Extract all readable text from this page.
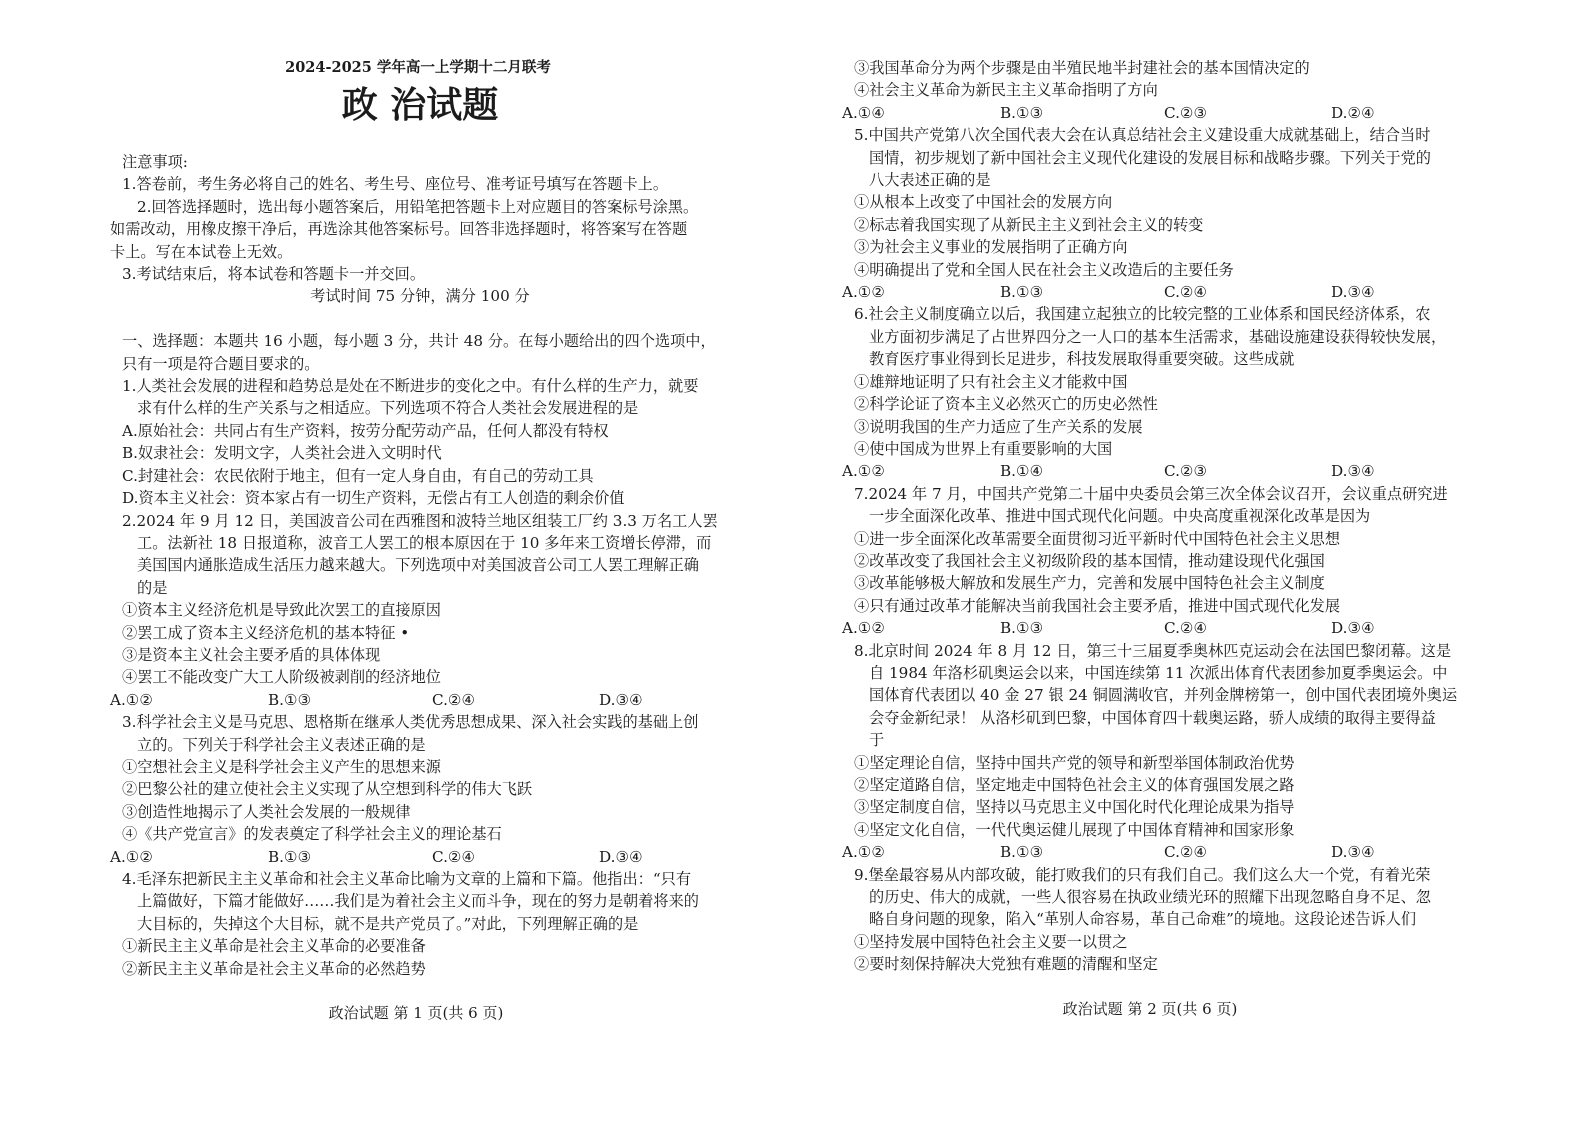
2024-2025 学年高一上学期十二月联考
政 治试题
注意事项:
1.答卷前，考生务必将自己的姓名、考生号、座位号、准考证号填写在答题卡上。
2.回答选择题时，选出每小题答案后，用铅笔把答题卡上对应题目的答案标号涂黑。
如需改动，用橡皮擦干净后，再选涂其他答案标号。回答非选择题时，将答案写在答题
卡上。写在本试卷上无效。
3.考试结束后，将本试卷和答题卡一并交回。
考试时间 75 分钟，满分 100 分
一、选择题：本题共 16 小题，每小题 3 分，共计 48 分。在每小题给出的四个选项中，
只有一项是符合题目要求的。
1.人类社会发展的进程和趋势总是处在不断进步的变化之中。有什么样的生产力，就要
求有什么样的生产关系与之相适应。下列选项不符合人类社会发展进程的是
A.原始社会：共同占有生产资料，按劳分配劳动产品，任何人都没有特权
B.奴隶社会：发明文字，人类社会进入文明时代
C.封建社会：农民依附于地主，但有一定人身自由，有自己的劳动工具
D.资本主义社会：资本家占有一切生产资料，无偿占有工人创造的剩余价值
2.2024 年 9 月 12 日，美国波音公司在西雅图和波特兰地区组装工厂约 3.3 万名工人罢
工。法新社 18 日报道称，波音工人罢工的根本原因在于 10 多年来工资增长停滞，而
美国国内通胀造成生活压力越来越大。下列选项中对美国波音公司工人罢工理解正确
的是
①资本主义经济危机是导致此次罢工的直接原因
②罢工成了资本主义经济危机的基本特征 •
③是资本主义社会主要矛盾的具体体现
④罢工不能改变广大工人阶级被剥削的经济地位
A.①②	B.①③	C.②④	D.③④
3.科学社会主义是马克思、恩格斯在继承人类优秀思想成果、深入社会实践的基础上创
立的。下列关于科学社会主义表述正确的是
①空想社会主义是科学社会主义产生的思想来源
②巴黎公社的建立使社会主义实现了从空想到科学的伟大飞跃
③创造性地揭示了人类社会发展的一般规律
④《共产党宣言》的发表奠定了科学社会主义的理论基石
A.①②	B.①③	C.②④	D.③④
4.毛泽东把新民主主义革命和社会主义革命比喻为文章的上篇和下篇。他指出：“只有
上篇做好，下篇才能做好……我们是为着社会主义而斗争，现在的努力是朝着将来的
大目标的，失掉这个大目标，就不是共产党员了。”对此，下列理解正确的是
①新民主主义革命是社会主义革命的必要准备
②新民主主义革命是社会主义革命的必然趋势
③我国革命分为两个步骤是由半殖民地半封建社会的基本国情决定的
④社会主义革命为新民主主义革命指明了方向
A.①④	B.①③	C.②③	D.②④
5.中国共产党第八次全国代表大会在认真总结社会主义建设重大成就基础上，结合当时
国情，初步规划了新中国社会主义现代化建设的发展目标和战略步骤。下列关于党的
八大表述正确的是
①从根本上改变了中国社会的发展方向
②标志着我国实现了从新民主主义到社会主义的转变
③为社会主义事业的发展指明了正确方向
④明确提出了党和全国人民在社会主义改造后的主要任务
A.①②	B.①③	C.②④	D.③④
6.社会主义制度确立以后，我国建立起独立的比较完整的工业体系和国民经济体系，农
业方面初步满足了占世界四分之一人口的基本生活需求，基础设施建设获得较快发展，
教育医疗事业得到长足进步，科技发展取得重要突破。这些成就
①雄辩地证明了只有社会主义才能救中国
②科学论证了资本主义必然灭亡的历史必然性
③说明我国的生产力适应了生产关系的发展
④使中国成为世界上有重要影响的大国
A.①②	B.①④	C.②③	D.③④
7.2024 年 7 月，中国共产党第二十届中央委员会第三次全体会议召开，会议重点研究进
一步全面深化改革、推进中国式现代化问题。中央高度重视深化改革是因为
①进一步全面深化改革需要全面贯彻习近平新时代中国特色社会主义思想
②改革改变了我国社会主义初级阶段的基本国情，推动建设现代化强国
③改革能够极大解放和发展生产力，完善和发展中国特色社会主义制度
④只有通过改革才能解决当前我国社会主要矛盾，推进中国式现代化发展
A.①②	B.①③	C.②④	D.③④
8.北京时间 2024 年 8 月 12 日，第三十三届夏季奥林匹克运动会在法国巴黎闭幕。这是
自 1984 年洛杉矶奥运会以来，中国连续第 11 次派出体育代表团参加夏季奥运会。中
国体育代表团以 40 金 27 银 24 铜圆满收官，并列金牌榜第一，创中国代表团境外奥运
会夺金新纪录！ 从洛杉矶到巴黎，中国体育四十载奥运路，骄人成绩的取得主要得益
于
①坚定理论自信，坚持中国共产党的领导和新型举国体制政治优势
②坚定道路自信，坚定地走中国特色社会主义的体育强国发展之路
③坚定制度自信，坚持以马克思主义中国化时代化理论成果为指导
④坚定文化自信，一代代奥运健儿展现了中国体育精神和国家形象
A.①②	B.①③	C.②④	D.③④
9.堡垒最容易从内部攻破，能打败我们的只有我们自己。我们这么大一个党，有着光荣
的历史、伟大的成就，一些人很容易在执政业绩光环的照耀下出现忽略自身不足、忽
略自身问题的现象，陷入“革别人命容易，革自己命难”的境地。这段论述告诉人们
①坚持发展中国特色社会主义要一以贯之
②要时刻保持解决大党独有难题的清醒和坚定
政治试题 第 1 页(共 6 页)	政治试题 第 2 页(共 6 页)
